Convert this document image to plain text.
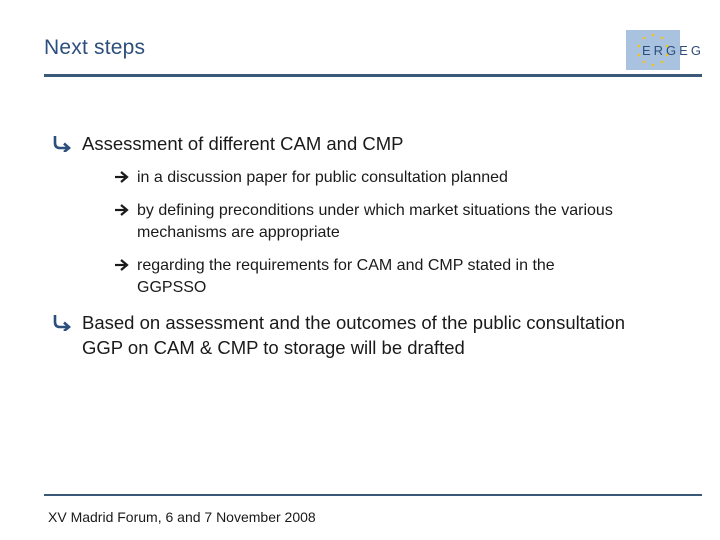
Next steps	ERGEG
Assessment of different CAM and CMP
in a discussion paper for public consultation planned
by defining preconditions under which market situations the various mechanisms are appropriate
regarding the requirements for CAM and CMP stated in the GGPSSO
Based on assessment and the outcomes of the public consultation GGP on CAM & CMP to storage will be drafted
XV Madrid Forum, 6 and 7 November 2008
